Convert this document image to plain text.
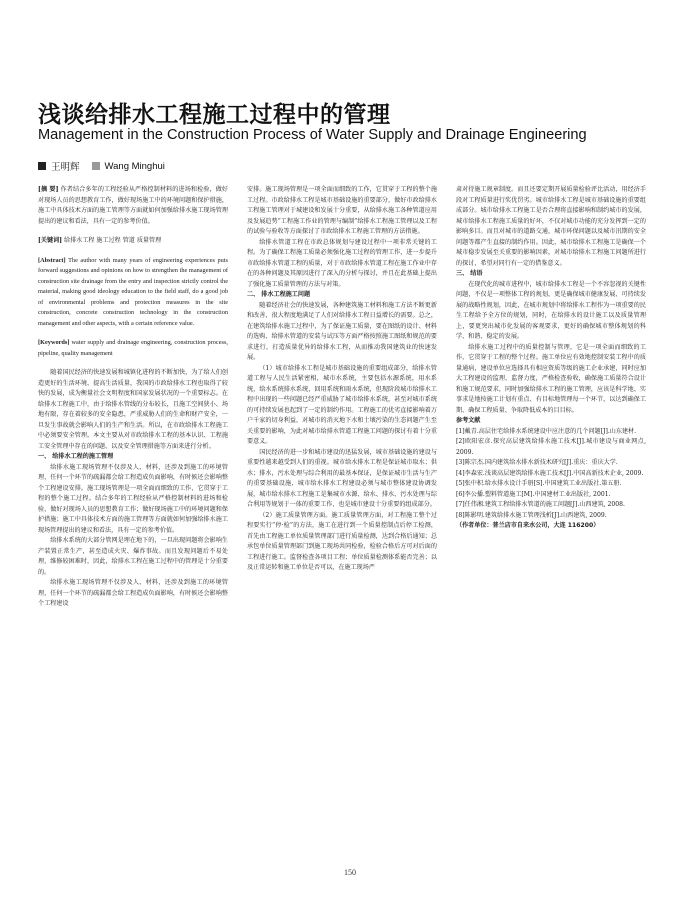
浅谈给排水工程施工过程中的管理
Management in the Construction Process of Water Supply and Drainage Engineering
王明辉	Wang Minghui

[摘 要] 作者结合多年的工程经验从严格控制材料的进场和检验，做好对现场人员的思想教育工作，做好现场施工中的环境问题和保护措施，施工中具体技术方面的施工管理等方面就如何加强给排水施工现场管理提出的建议和看法，具有一定的参考价值。

[关键词] 给排水工程 施工过程 管道 质量管理

[Abstract] The author with many years of engineering experiences puts forward suggestions and opinions on how to strengthen the management of construction site drainage from the entry and inspection strictly control the material, making good ideology education to the field staff, do a good job of environmental problems and protection measures in the site construction, concrete construction technology in the construction management and other aspects, with a certain reference value.

[Keywords] water supply and drainage engineering, construction process, pipeline, quality management

随着国民经济的快速发展和城镇化进程的不断加快，为了给人们创造更好的生活环境、提高生活质量，我国的市政给排水工程也取得了较快的发展，成为衡量社会文明程度和国家发展状况的一个重要标志。在给排水工程施工中，由于给排水管线的分布较长，且施工空间狭小、场地有限，存在着较多的安全隐患，严重威胁人们的生命和财产安全，一旦发生事故就会影响人们的生产和生活。所以，在市政给排水工程施工中必须要安全管理。本文主要从对市政给排水工程的基本认识、工程施工安全管理中存在的问题、以及安全管理措施等方面来进行分析。

一、 给排水工程的施工管理

给排水施工现场管理不仅涉及人、材料，还涉及到施工的环境管理，任何一个环节的疏漏都会给工程造成负面影响，有时候还会影响整个工程建设安排。施工现场管理是一项全面而细致的工作，它贯穿于工程的整个施工过程。结合多年的工程经验从严格控制材料的进场和检验，做好对现场人员的思想教育工作；做好现场施工中的环境问题和保护措施；施工中具体技术方面的施工管理等方面就如何加强给排水施工现场管理提出的建议和看法，具有一定的参考价值。

给排水系统的大部分管网是埋在地下的，一旦出现问题将会影响生产装置正常生产，甚至造成火灾、爆炸事故。而且发现问题后不易处理，维修较困难时，因此，给排水工程在施工过程中的管理是十分重要的。

给排水施工现场管理不仅涉及人、材料，还涉及到施工的环境管理，任何一个环节的疏漏都会给工程造成负面影响，有时候还会影响整个工程建设

安排。施工现场管理是一项全面而细致的工作，它贯穿于工程的整个施工过程。市政给排水工程是城市基础设施的重要部分，做好市政给排水工程施工管理对于城建设和发展十分重要，从给排水施工各种管道应用及发展趋势“工程施工作业的管理与编制”给排水工程施工管理以及工程的试验与验收等方面探讨了市政给排水工程施工管理的方法措施。

给排水管道工程在市政总体规划与建设过程中一项非常关键的工程。为了确保工程施工质量必须强化施工过程的管理工作，进一步提升市政给排水管道工程的质量，对于市政给排水管道工程在施工作业中存在的各种问题及其原因进行了深入的分析与探讨，并且在此基础上提出了强化施工质量管理的方法与对策。

二、 排水工程施工问题

随着经济社会的快速发展，各种建筑施工材料和施工方法不断更新和改善，很大程度地满足了人们对给排水工程日益增长的需要。总之，在建筑给排水施工过程中，为了保证施工质量，要在图纸的设计、材料的选购、给排水管道的安装与试压等方面严格按照施工图纸和规范的要求进行，打造质量优异的给排水工程，从而推动我国建筑业的快速发展。

（1）城市给排水工程是城市基础设施的重要组成部分，给排水管道工程与人民生活紧密相，城市水系统，主要包括水源系统，用水系统，给水系统排水系统，回用系统和雨水系统，但现阶段城市给排水工程中出现的一些问题已经严重威胁了城市给排水系统，甚至对城市系统的可持续发展也起到了一定的制约作用。工程施工的优劣直接影响着万户千家的切身利益，对城市的消灭地下水和土壤污染的生态问题产生至关重要的影响，为此对城市给排水管道工程施工问题的探讨有着十分重要意义。

国民经济的进一步和城市建设的迅猛发展，城市基础设施的建设与重要性越来越受到人们的重视。城市给水排水工程是保证城市取水；供水；排水，污水处理与综合利用的最基本保证，是保证城市生活与生产的重要基础设施，城市给水排水工程建设必须与城市整体建设协调发展，城市给水排水工程施工是集城市水源、给水、排水、污水处理与综合利用等规划于一体的重要工作，也是城市建设十分重要的组成部分。

（2）施工质量管理方面。施工质量管理方面，对工程施工整个过程要实行“停·检”的方法，施工在进行到一个质量控制点后停工检测，首先由工程施工单位质量管理部门进行质量检测，达到合格后通知；总承包单位质量管理部门到施工现场共同检验，检验合格后方可对后面的工程进行施工。监督检查各项目工程；单位质量检测体系能否完善；以及正常运转和施工单位是否可以，在施工现场严

肃对待施工规章制度。而且还要定期开展质量检验评比活动，用经济手段对工程质量进行奖优罚劣。城市给排水工程是城市基础设施的重要组成部分。城市给排水工程施工是否合理将直接影响和制约城市的发展，城市给排水工程施工质量的好坏，不仅对城市功能的充分发挥到一定的影响多目。而且对城市的道路交通，城市环保问题以及城市汛期的安全问题等都产生直接的制约作用。因此，城市给排水工程施工是确保一个城市稳步发展至关重要的影响因素，对城市给排水工程施工问题所进行的探讨，希望对同行有一定的借鉴意义。

三、 结语

在现代化的城市进程中，城市给排水工程是一个不容忽视的关键性问题，不仅是一项整体工程的规划，更是确保城市健康发展、可持续发展的战略性规划，因此，在城市规划中将给排水工程作为一项重要的民生工程给予全方位的规划，同时，在给排水的设计施工以及质量管理上，要更突出城市化发展的客观要求，更好的确保城市整体规划的科学、和谐、稳定的发展。

给排水施工过程中的质量控制与管理，它是一项全面而细致的工作，它贯穿于工程的整个过程。施工单位应有效地控制安装工程中的质量通病，建设单位应选择具有相应资质等级的施工企业承建，同时应加大工程建设的监理、监督力度，严格检查验收，确保施工质量符合设计和施工规范要求，同时加强给排水工程的施工管理，应该是科学地、实事求是地按施工计划有重点、有目标地管理每一个环节，以达到确保工期、确保工程质量、争取降低成本的目目标。

参考文献

[1]戴青.高层住宅给排水系统建设中应注意的几个问题[J].山东建材.

[2]欧阳宏彦.探究高层建筑给排水施工技术[J].城市建设与商业网点, 2009.

[3]陈宗杰.国内建筑给水排水新技术研究[J].重庆：重庆大学.

[4]李森宏.浅谈高层建筑给排水施工技术[J].中国高新技术企业, 2009.

[5]张中积.给水排水设计手册[S].中国建筑工业出版社.第五册.

[6]李公播.塑料管道施工[M].中国建材工业出版社, 2001.

[7]任伟湘.建筑工程给排水管道的施工问题[J].山西建筑, 2008.

[8]陈影明.建筑给排水施工管理浅析[J].山西建筑, 2009.

（作者单位：普兰店市自来水公司，大连 116200）

150
